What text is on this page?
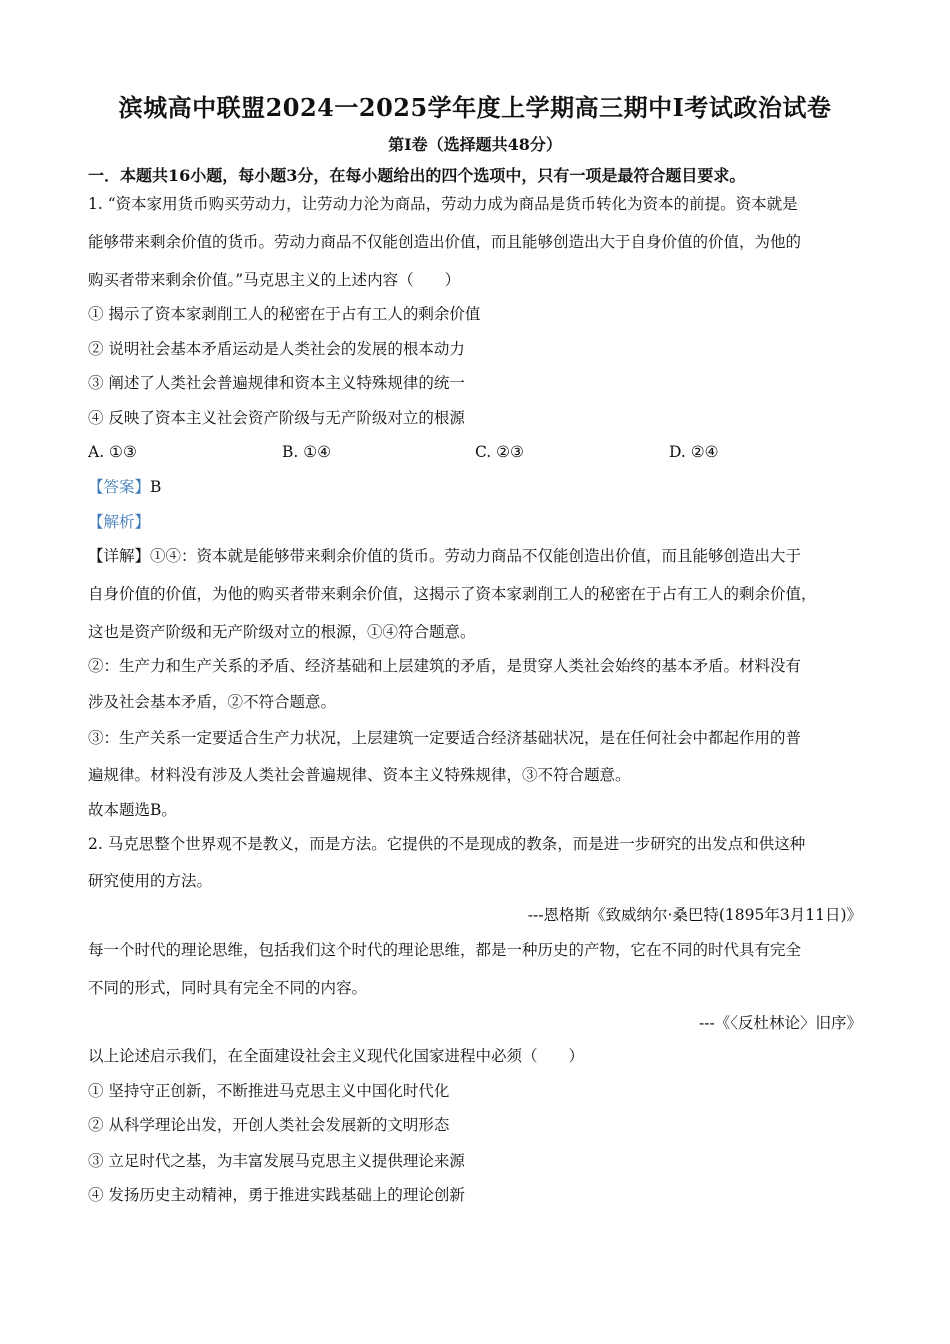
滨城高中联盟2024一2025学年度上学期高三期中Ⅰ考试政治试卷
第Ⅰ卷（选择题共48分）
一．本题共16小题，每小题3分，在每小题给出的四个选项中，只有一项是最符合题目要求。
1. “资本家用货币购买劳动力，让劳动力沦为商品，劳动力成为商品是货币转化为资本的前提。资本就是
能够带来剩余价值的货币。劳动力商品不仅能创造出价值，而且能够创造出大于自身价值的价值，为他的
购买者带来剩余价值。”马克思主义的上述内容（　　）
① 揭示了资本家剥削工人的秘密在于占有工人的剩余价值
② 说明社会基本矛盾运动是人类社会的发展的根本动力
③ 阐述了人类社会普遍规律和资本主义特殊规律的统一
④ 反映了资本主义社会资产阶级与无产阶级对立的根源
A. ①③	B. ①④	C. ②③	D. ②④
【答案】B
【解析】
【详解】①④：资本就是能够带来剩余价值的货币。劳动力商品不仅能创造出价值，而且能够创造出大于
自身价值的价值，为他的购买者带来剩余价值，这揭示了资本家剥削工人的秘密在于占有工人的剩余价值，
这也是资产阶级和无产阶级对立的根源，①④符合题意。
②：生产力和生产关系的矛盾、经济基础和上层建筑的矛盾，是贯穿人类社会始终的基本矛盾。材料没有
涉及社会基本矛盾，②不符合题意。
③：生产关系一定要适合生产力状况，上层建筑一定要适合经济基础状况，是在任何社会中都起作用的普
遍规律。材料没有涉及人类社会普遍规律、资本主义特殊规律，③不符合题意。
故本题选B。
2. 马克思整个世界观不是教义，而是方法。它提供的不是现成的教条，而是进一步研究的出发点和供这种
研究使用的方法。
---恩格斯《致威纳尔·桑巴特(1895年3月11日)》
每一个时代的理论思维，包括我们这个时代的理论思维，都是一种历史的产物，它在不同的时代具有完全
不同的形式，同时具有完全不同的内容。
---《〈反杜林论〉旧序》
以上论述启示我们，在全面建设社会主义现代化国家进程中必须（　　）
① 坚持守正创新，不断推进马克思主义中国化时代化
② 从科学理论出发，开创人类社会发展新的文明形态
③ 立足时代之基，为丰富发展马克思主义提供理论来源
④ 发扬历史主动精神，勇于推进实践基础上的理论创新
